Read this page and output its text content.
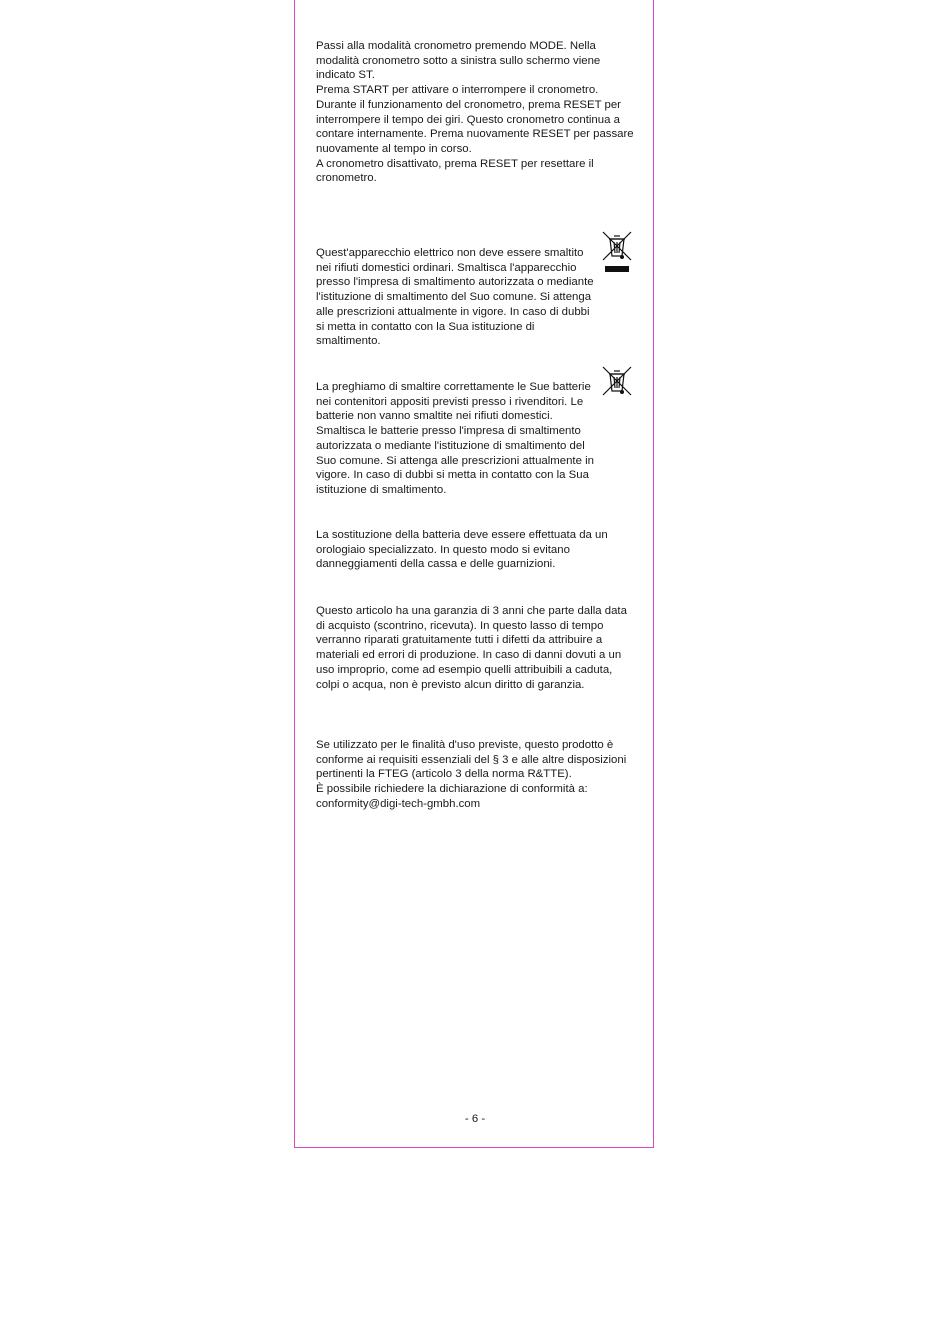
Passi alla modalità cronometro premendo MODE. Nella modalità cronometro sotto a sinistra sullo schermo viene indicato ST.

Prema START per attivare o interrompere il cronometro.

Durante il funzionamento del cronometro, prema RESET per interrompere il tempo dei giri. Questo cronometro continua a contare internamente. Prema nuovamente RESET per passare nuovamente al tempo in corso.

A cronometro disattivato, prema RESET per resettare il cronometro.

Quest'apparecchio elettrico non deve essere smaltito nei rifiuti domestici ordinari. Smaltisca l'apparecchio presso l'impresa di smaltimento autorizzata o mediante l'istituzione di smaltimento del Suo comune. Si attenga alle prescrizioni attualmente in vigore. In caso di dubbi si metta in contatto con la Sua istituzione di smaltimento.

La preghiamo di smaltire correttamente le Sue batterie nei contenitori appositi previsti presso i rivenditori. Le batterie non vanno smaltite nei rifiuti domestici. Smaltisca le batterie presso l'impresa di smaltimento autorizzata o mediante l'istituzione di smaltimento del Suo comune. Si attenga alle prescrizioni attualmente in vigore. In caso di dubbi si metta in contatto con la Sua istituzione di smaltimento.

La sostituzione della batteria deve essere effettuata da un orologiaio specializzato. In questo modo si evitano danneggiamenti della cassa e delle guarnizioni.

Questo articolo ha una garanzia di 3 anni che parte dalla data di acquisto (scontrino, ricevuta). In questo lasso di tempo verranno riparati gratuitamente tutti i difetti da attribuire a materiali ed errori di produzione. In caso di danni dovuti a un uso improprio, come ad esempio quelli attribuibili a caduta, colpi o acqua, non è previsto alcun diritto di garanzia.

Se utilizzato per le finalità d'uso previste, questo prodotto è conforme ai requisiti essenziali del § 3 e alle altre disposizioni pertinenti la FTEG (articolo 3 della norma R&TTE).

È possibile richiedere la dichiarazione di conformità a: conformity@digi-tech-gmbh.com

- 6 -
